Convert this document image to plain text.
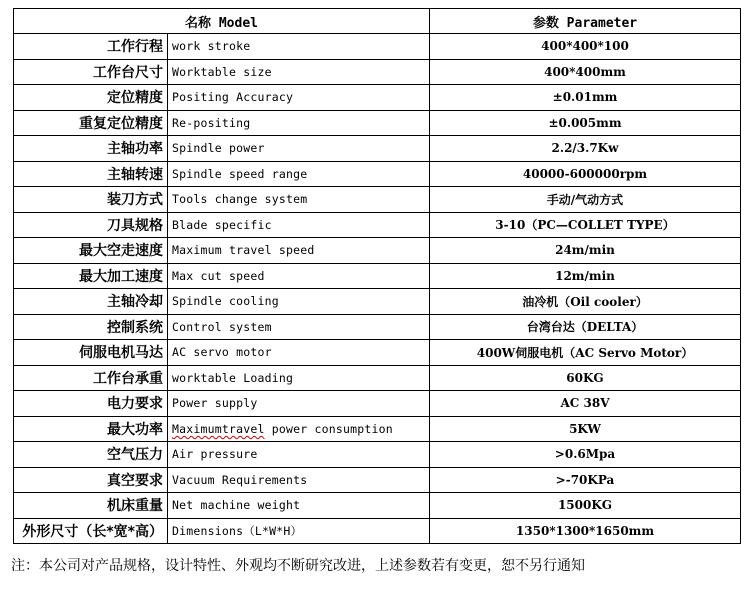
名称 Model		参数 Parameter
工作行程	work stroke	400*400*100
工作台尺寸	Worktable size	400*400mm
定位精度	Positing Accuracy	±0.01mm
重复定位精度	Re-positing	±0.005mm
主轴功率	Spindle power	2.2/3.7Kw
主轴转速	Spindle speed range	40000-600000rpm
装刀方式	Tools change system	手动/气动方式
刀具规格	Blade specific	3-10（PC—COLLET TYPE）
最大空走速度	Maximum travel speed	24m/min
最大加工速度	Max cut speed	12m/min
主轴冷却	Spindle cooling	油冷机（Oil cooler）
控制系统	Control system	台湾台达（DELTA）
伺服电机马达	AC servo motor	400W伺服电机（AC Servo Motor）
工作台承重	worktable Loading	60KG
电力要求	Power supply	AC 38V
最大功率	Maximumtravel power consumption	5KW
空气压力	Air pressure	>0.6Mpa
真空要求	Vacuum Requirements	>-70KPa
机床重量	Net machine weight	1500KG
外形尺寸（长*宽*高）	Dimensions（L*W*H）	1350*1300*1650mm
注：本公司对产品规格，设计特性、外观均不断研究改进，上述参数若有变更，恕不另行通知
